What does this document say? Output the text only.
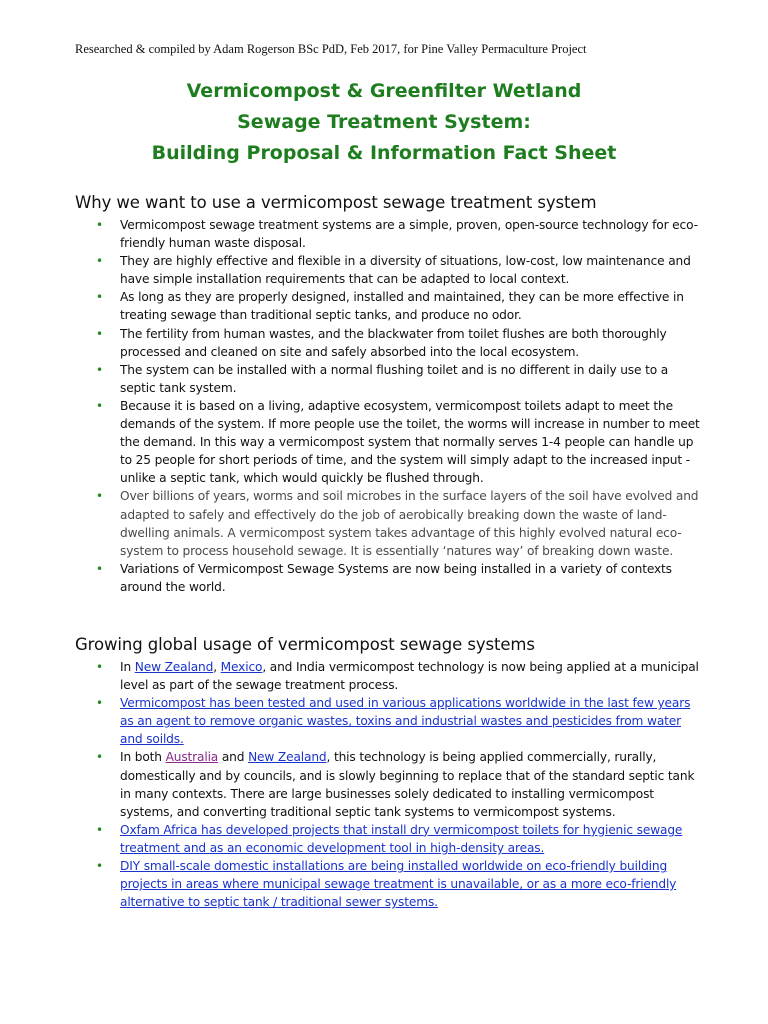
Researched & compiled by Adam Rogerson BSc PdD, Feb 2017, for Pine Valley Permaculture Project
Vermicompost & Greenfilter Wetland
Sewage Treatment System:
Building Proposal & Information Fact Sheet
Why we want to use a vermicompost sewage treatment system
• Vermicompost sewage treatment systems are a simple, proven, open-source technology for eco-friendly human waste disposal.
• They are highly effective and flexible in a diversity of situations, low-cost, low maintenance and have simple installation requirements that can be adapted to local context.
• As long as they are properly designed, installed and maintained, they can be more effective in treating sewage than traditional septic tanks, and produce no odor.
• The fertility from human wastes, and the blackwater from toilet flushes are both thoroughly processed and cleaned on site and safely absorbed into the local ecosystem.
• The system can be installed with a normal flushing toilet and is no different in daily use to a septic tank system.
• Because it is based on a living, adaptive ecosystem, vermicompost toilets adapt to meet the demands of the system. If more people use the toilet, the worms will increase in number to meet the demand. In this way a vermicompost system that normally serves 1-4 people can handle up to 25 people for short periods of time, and the system will simply adapt to the increased input - unlike a septic tank, which would quickly be flushed through.
• Over billions of years, worms and soil microbes in the surface layers of the soil have evolved and adapted to safely and effectively do the job of aerobically breaking down the waste of land-dwelling animals. A vermicompost system takes advantage of this highly evolved natural eco-system to process household sewage. It is essentially ‘natures way’ of breaking down waste.
• Variations of Vermicompost Sewage Systems are now being installed in a variety of contexts around the world.
Growing global usage of vermicompost sewage systems
• In New Zealand, Mexico, and India vermicompost technology is now being applied at a municipal level as part of the sewage treatment process.
• Vermicompost has been tested and used in various applications worldwide in the last few years as an agent to remove organic wastes, toxins and industrial wastes and pesticides from water and soilds.
• In both Australia and New Zealand, this technology is being applied commercially, rurally, domestically and by councils, and is slowly beginning to replace that of the standard septic tank in many contexts. There are large businesses solely dedicated to installing vermicompost systems, and converting traditional septic tank systems to vermicompost systems.
• Oxfam Africa has developed projects that install dry vermicompost toilets for hygienic sewage treatment and as an economic development tool in high-density areas.
• DIY small-scale domestic installations are being installed worldwide on eco-friendly building projects in areas where municipal sewage treatment is unavailable, or as a more eco-friendly alternative to septic tank / traditional sewer systems.
